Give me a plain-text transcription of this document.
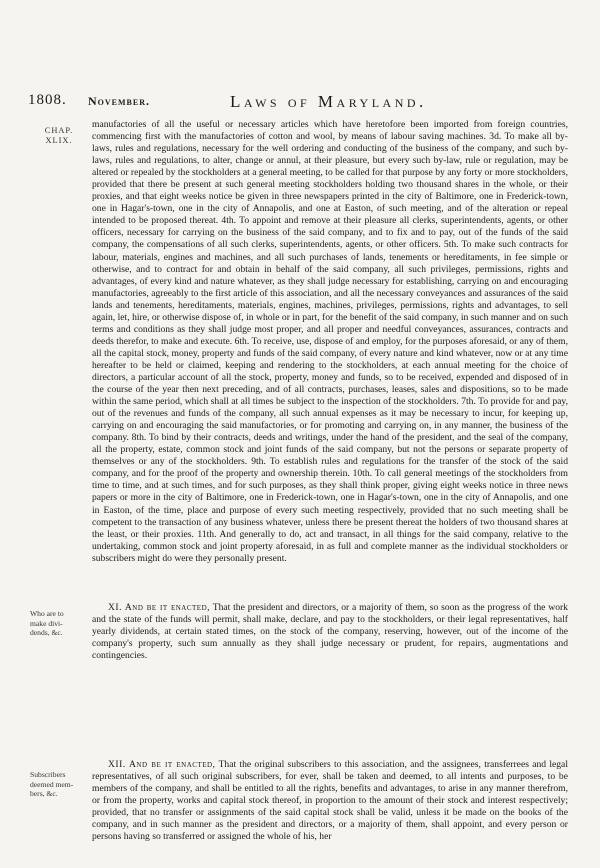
1808. November.	Laws of Maryland.
CHAP.
XLIX.
Who are to
make divi-
dends, &c.
Subscribers
deemed mem-
bers, &c.
manufactories of all the useful or necessary articles which have heretofore been imported from foreign countries, commencing first with the manufactories of cotton and wool, by means of labour saving machines. 3d. To make all by-laws, rules and regulations, necessary for the well ordering and conducting of the business of the company, and such by-laws, rules and regulations, to alter, change or annul, at their pleasure, but every such by-law, rule or regulation, may be altered or repealed by the stockholders at a general meeting, to be called for that purpose by any forty or more stockholders, provided that there be present at such general meeting stockholders holding two thousand shares in the whole, or their proxies, and that eight weeks notice be given in three newspapers printed in the city of Baltimore, one in Frederick-town, one in Hagar's-town, one in the city of Annapolis, and one at Easton, of such meeting, and of the alteration or repeal intended to be proposed thereat. 4th. To appoint and remove at their pleasure all clerks, superintendents, agents, or other officers, necessary for carrying on the business of the said company, and to fix and to pay, out of the funds of the said company, the compensations of all such clerks, superintendents, agents, or other officers. 5th. To make such contracts for labour, materials, engines and machines, and all such purchases of lands, tenements or hereditaments, in fee simple or otherwise, and to contract for and obtain in behalf of the said company, all such privileges, permissions, rights and advantages, of every kind and nature whatever, as they shall judge necessary for establishing, carrying on and encouraging manufactories, agreeably to the first article of this association, and all the necessary conveyances and assurances of the said lands and tenements, hereditaments, materials, engines, machines, privileges, permissions, rights and advantages, to sell again, let, hire, or otherwise dispose of, in whole or in part, for the benefit of the said company, in such manner and on such terms and conditions as they shall judge most proper, and all proper and needful conveyances, assurances, contracts and deeds therefor, to make and execute. 6th. To receive, use, dispose of and employ, for the purposes aforesaid, or any of them, all the capital stock, money, property and funds of the said company, of every nature and kind whatever, now or at any time hereafter to be held or claimed, keeping and rendering to the stockholders, at each annual meeting for the choice of directors, a particular account of all the stock, property, money and funds, so to be received, expended and disposed of in the course of the year then next preceding, and of all contracts, purchases, leases, sales and dispositions, so to be made within the same period, which shall at all times be subject to the inspection of the stockholders. 7th. To provide for and pay, out of the revenues and funds of the company, all such annual expenses as it may be necessary to incur, for keeping up, carrying on and encouraging the said manufactories, or for promoting and carrying on, in any manner, the business of the company. 8th. To bind by their contracts, deeds and writings, under the hand of the president, and the seal of the company, all the property, estate, common stock and joint funds of the said company, but not the persons or separate property of themselves or any of the stockholders. 9th. To establish rules and regulations for the transfer of the stock of the said company, and for the proof of the property and ownership therein. 10th. To call general meetings of the stockholders from time to time, and at such times, and for such purposes, as they shall think proper, giving eight weeks notice in three news papers or more in the city of Baltimore, one in Frederick-town, one in Hagar's-town, one in the city of Annapolis, and one in Easton, of the time, place and purpose of every such meeting respectively, provided that no such meeting shall be competent to the transaction of any business whatever, unless there be present thereat the holders of two thousand shares at the least, or their proxies. 11th. And generally to do, act and transact, in all things for the said company, relative to the undertaking, common stock and joint property aforesaid, in as full and complete manner as the individual stockholders or subscribers might do were they personally present.
XI. And be it enacted, That the president and directors, or a majority of them, so soon as the progress of the work and the state of the funds will permit, shall make, declare, and pay to the stockholders, or their legal representatives, half yearly dividends, at certain stated times, on the stock of the company, reserving, however, out of the income of the company's property, such sum annually as they shall judge necessary or prudent, for repairs, augmentations and contingencies.
XII. And be it enacted, That the original subscribers to this association, and the assignees, transferrees and legal representatives, of all such original subscribers, for ever, shall be taken and deemed, to all intents and purposes, to be members of the company, and shall be entitled to all the rights, benefits and advantages, to arise in any manner therefrom, or from the property, works and capital stock thereof, in proportion to the amount of their stock and interest respectively; provided, that no transfer or assignments of the said capital stock shall be valid, unless it be made on the books of the company, and in such manner as the president and directors, or a majority of them, shall appoint, and every person or persons having so transferred or assigned the whole of his, her
